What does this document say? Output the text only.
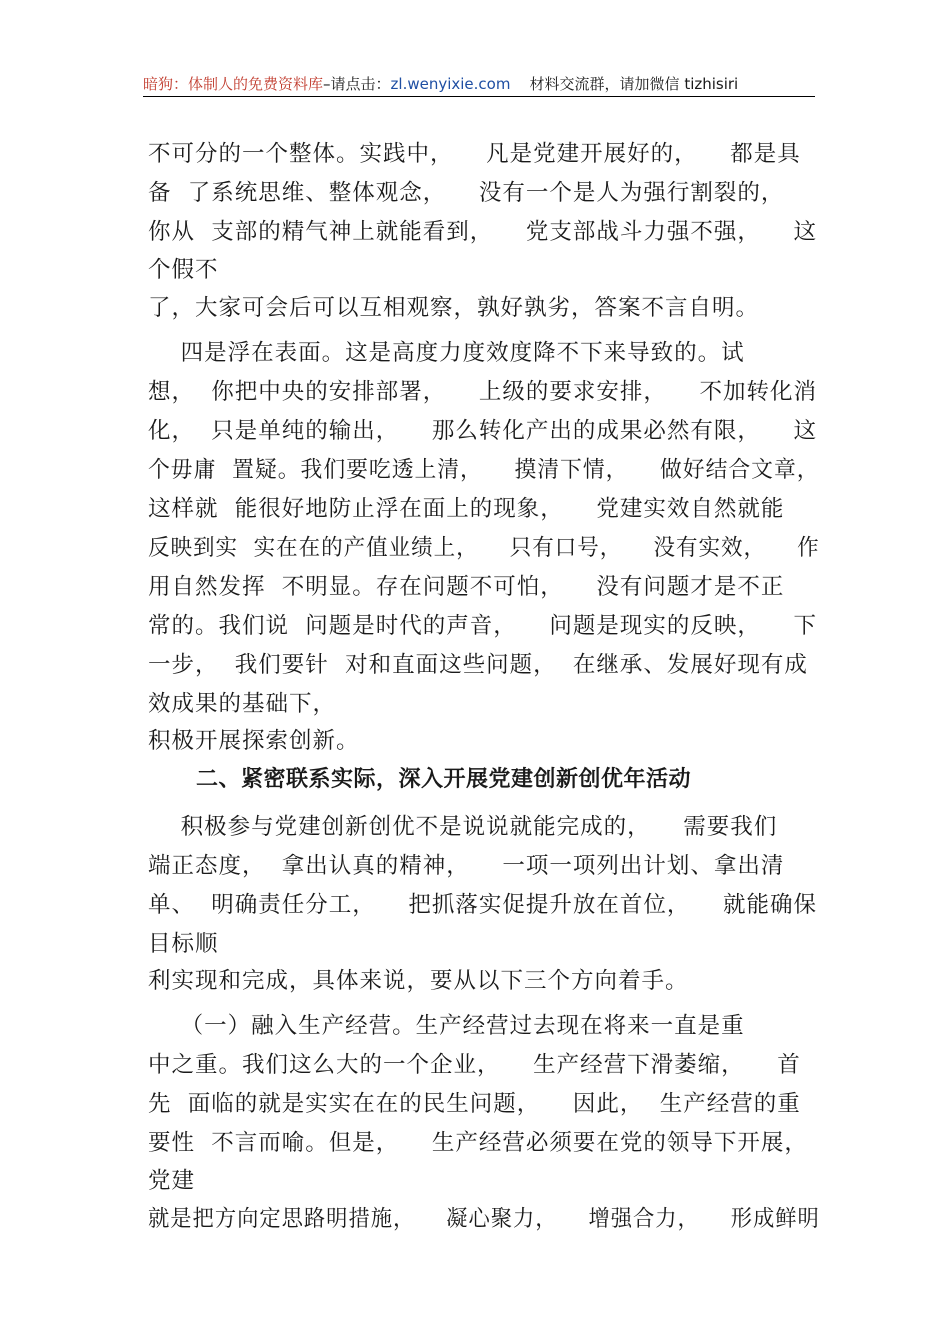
暗狗：体制人的免费资料库–请点击：zl.wenyixie.com 材料交流群，请加微信 tizhisiri
不可分的一个整体。实践中，    凡是党建开展好的，    都是具
备  了系统思维、整体观念，    没有一个是人为强行割裂的，
你从  支部的精气神上就能看到，    党支部战斗力强不强，    这
个假不
了，大家可会后可以互相观察，孰好孰劣，答案不言自明。
四是浮在表面。这是高度力度效度降不下来导致的。试
想，  你把中央的安排部署，    上级的要求安排，    不加转化消
化，  只是单纯的输出，    那么转化产出的成果必然有限，    这
个毋庸  置疑。我们要吃透上清，    摸清下情，    做好结合文章，
这样就  能很好地防止浮在面上的现象，    党建实效自然就能
反映到实  实在在的产值业绩上，    只有口号，    没有实效，    作
用自然发挥  不明显。存在问题不可怕，    没有问题才是不正
常的。我们说  问题是时代的声音，    问题是现实的反映，    下
一步，  我们要针  对和直面这些问题，  在继承、发展好现有成
效成果的基础下，
积极开展探索创新。
二、紧密联系实际，深入开展党建创新创优年活动
积极参与党建创新创优不是说说就能完成的，    需要我们
端正态度，  拿出认真的精神，    一项一项列出计划、拿出清
单、  明确责任分工，    把抓落实促提升放在首位，    就能确保
目标顺
利实现和完成，具体来说，要从以下三个方向着手。
（一）融入生产经营。生产经营过去现在将来一直是重
中之重。我们这么大的一个企业，    生产经营下滑萎缩，    首
先  面临的就是实实在在的民生问题，    因此，  生产经营的重
要性  不言而喻。但是，    生产经营必须要在党的领导下开展，
党建
就是把方向定思路明措施，    凝心聚力，    增强合力，    形成鲜明
